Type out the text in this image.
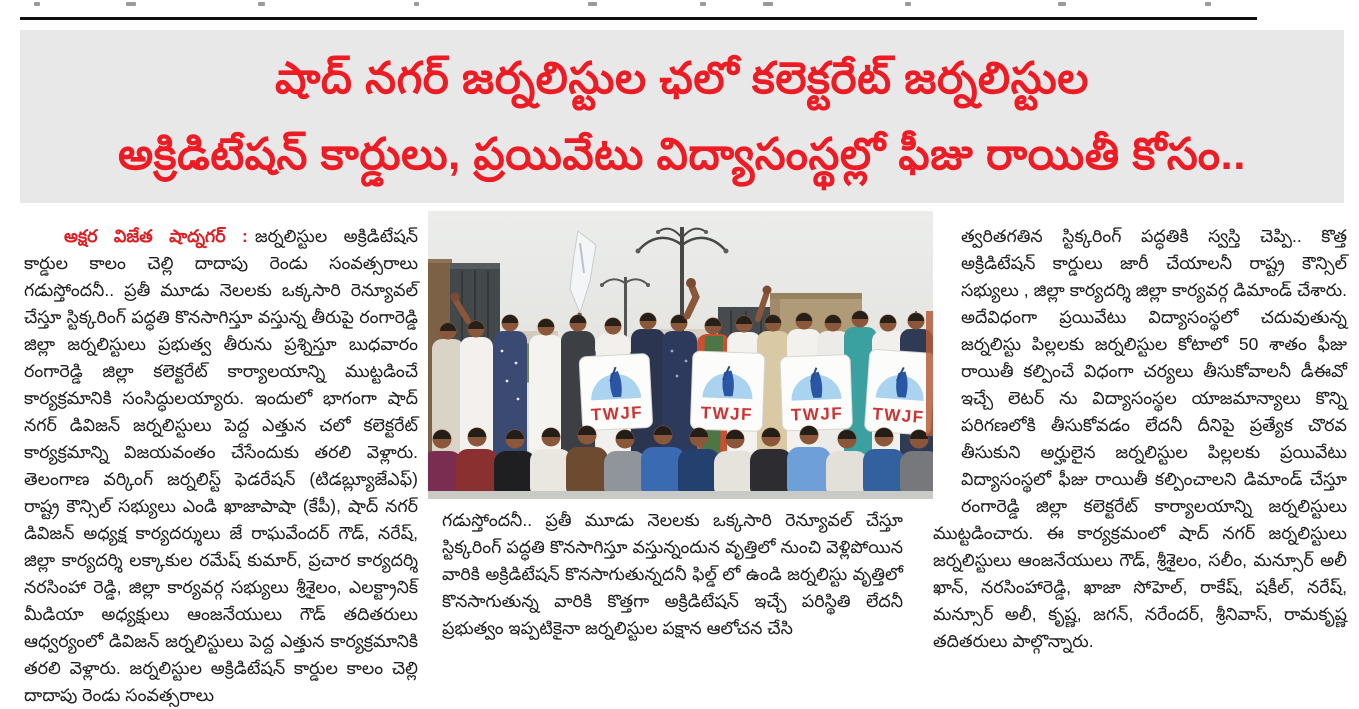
షాద్ నగర్ జర్నలిస్టుల ఛలో కలెక్టరేట్ జర్నలిస్టుల
అక్రిడిటేషన్ కార్డులు, ప్రయివేటు విద్యాసంస్థల్లో ఫీజు రాయితీ కోసం..

అక్షర విజేత షాద్నగర్ : జర్నలిస్టుల అక్రిడిటేషన్ కార్డుల కాలం చెల్లి దాదాపు రెండు సంవత్సరాలు గడుస్తోందనీ.. ప్రతీ మూడు నెలలకు ఒక్కసారి రెన్యూవల్ చేస్తూ స్టిక్కరింగ్ పద్ధతి కొనసాగిస్తూ వస్తున్న తీరుపై రంగారెడ్డి జిల్లా జర్నలిస్టులు ప్రభుత్వ తీరును ప్రశ్నిస్తూ బుధవారం రంగారెడ్డి జిల్లా కలెక్టరేట్ కార్యాలయాన్ని ముట్టడించే కార్యక్రమానికి సంసిద్ధులయ్యారు. ఇందులో భాగంగా షాద్ నగర్ డివిజన్ జర్నలిస్టులు పెద్ద ఎత్తున చలో కలెక్టరేట్ కార్యక్రమాన్ని విజయవంతం చేసేందుకు తరలి వెళ్లారు. తెలంగాణ వర్కింగ్ జర్నలిస్ట్ ఫెడరేషన్ (టిడబ్ల్యూజేఎఫ్) రాష్ట్ర కౌన్సిల్ సభ్యులు ఎండి ఖాజాపాషా (కేపీ), షాద్ నగర్ డివిజన్ అధ్యక్ష కార్యదర్శులు జే రాఘవేందర్ గౌడ్, నరేష్, జిల్లా కార్యదర్శి లక్కాకుల రమేష్ కుమార్, ప్రచార కార్యదర్శి నరసింహా రెడ్డి, జిల్లా కార్యవర్గ సభ్యులు శ్రీశైలం, ఎలక్ట్రానిక్ మీడియా అధ్యక్షులు ఆంజనేయులు గౌడ్ తదితరులు ఆధ్వర్యంలో డివిజన్ జర్నలిస్టులు పెద్ద ఎత్తున కార్యక్రమానికి తరలి వెళ్లారు. జర్నలిస్టుల అక్రిడిటేషన్ కార్డుల కాలం చెల్లి దాదాపు రెండు సంవత్సరాలు

TWJF	TWJF TWJF TWJF

గడుస్తోందనీ.. ప్రతీ మూడు నెలలకు ఒక్కసారి రెన్యూవల్ చేస్తూ స్టిక్కరింగ్ పద్ధతి కొనసాగిస్తూ వస్తున్నందున వృత్తిలో నుంచి వెళ్లిపోయిన వారికి అక్రిడిటేషన్ కొనసాగుతున్నదనీ ఫిల్డ్ లో ఉండి జర్నలిస్టు వృత్తిలో కొనసాగుతున్న వారికి కొత్తగా అక్రిడిటేషన్ ఇచ్చే పరిస్థితి లేదనీ ప్రభుత్వం ఇప్పటికైనా జర్నలిస్టుల పక్షాన ఆలోచన చేసి

త్వరితగతిన స్టిక్కరింగ్ పద్ధతికి స్వస్తి చెప్పి.. కొత్త అక్రిడిటేషన్ కార్డులు జారీ చేయాలనీ రాష్ట్ర కౌన్సిల్ సభ్యులు , జిల్లా కార్యదర్శి జిల్లా కార్యవర్గ డిమాండ్ చేశారు. అదేవిధంగా ప్రయివేటు విద్యాసంస్థలో చదువుతున్న జర్నలిస్టు పిల్లలకు జర్నలిస్టుల కోటాలో 50 శాతం ఫీజు రాయితీ కల్పించే విధంగా చర్యలు తీసుకోవాలనీ డీఈవో ఇచ్చే లెటర్ ను విద్యాసంస్థల యాజమాన్యాలు కొన్ని పరిగణలోకి తీసుకోవడం లేదనీ దీనిపై ప్రత్యేక చొరవ తీసుకుని అర్హులైన జర్నలిస్టుల పిల్లలకు ప్రయివేటు విద్యాసంస్థలో ఫీజు రాయితీ కల్పించాలని డిమాండ్ చేస్తూ రంగారెడ్డి జిల్లా కలెక్టరేట్ కార్యాలయాన్ని జర్నలిస్టులు ముట్టడించారు. ఈ కార్యక్రమంలో షాద్ నగర్ జర్నలిస్టులు జర్నలిస్టులు ఆంజనేయులు గౌడ్, శ్రీశైలం, సలీం, మన్సూర్ అలీ ఖాన్, నరసింహారెడ్డి, ఖాజా సోహెల్, రాకేష్, షకీల్, నరేష్, మన్సూర్ అలీ, కృష్ణ, జగన్, నరేందర్, శ్రీనివాస్, రామకృష్ణ తదితరులు పాల్గొన్నారు.
